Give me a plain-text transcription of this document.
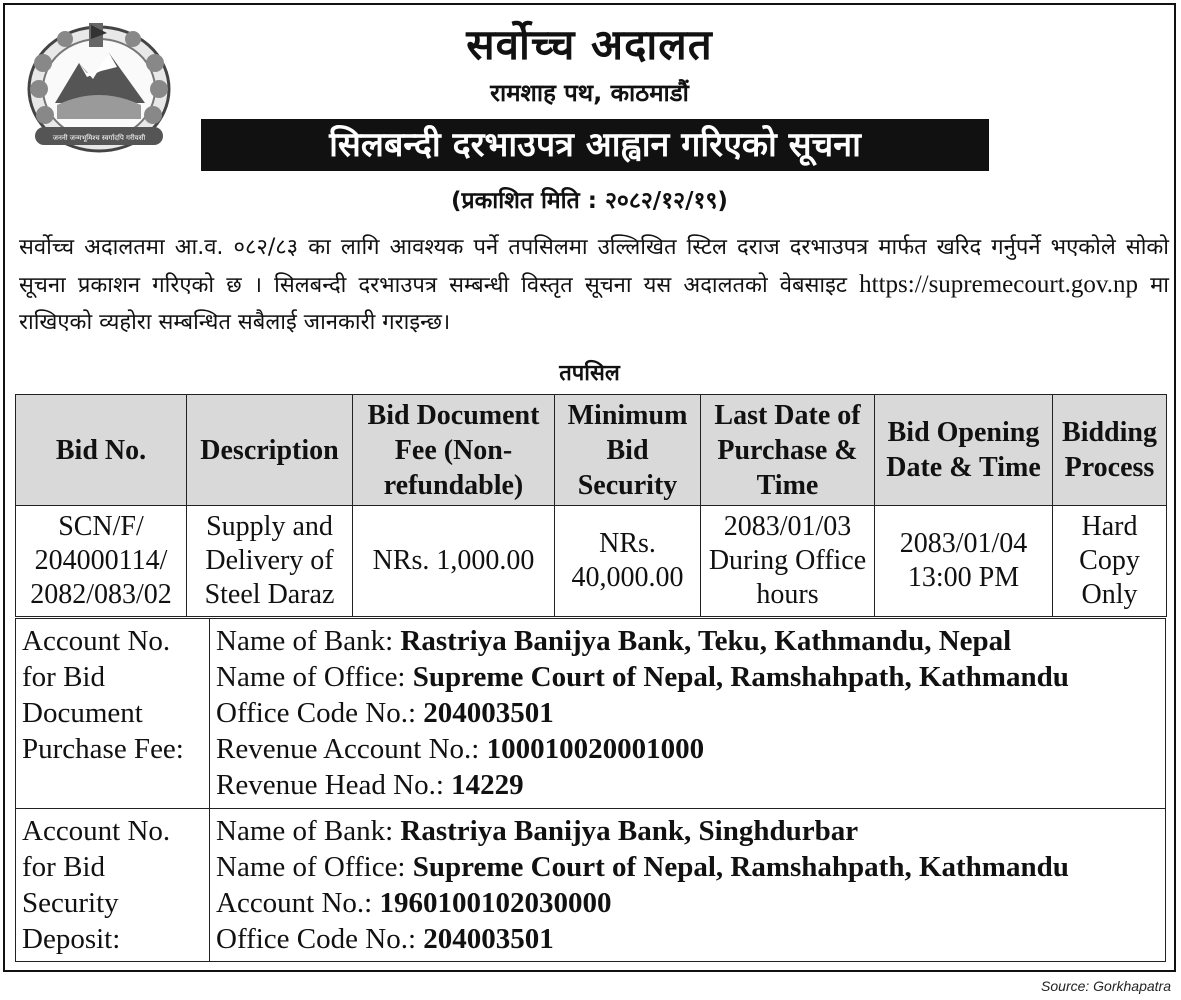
जननी जन्मभूमिश्च स्वर्गादपि गरीयसी
सर्वोच्च अदालत
रामशाह पथ, काठमाडौं
सिलबन्दी दरभाउपत्र आह्वान गरिएको सूचना
(प्रकाशित मिति : २०८२/१२/१९)
सर्वोच्च अदालतमा आ.व. ०८२/८३ का लागि आवश्यक पर्ने तपसिलमा उल्लिखित स्टिल दराज दरभाउपत्र मार्फत खरिद गर्नुपर्ने भएकोले सोको सूचना प्रकाशन गरिएको छ । सिलबन्दी दरभाउपत्र सम्बन्धी विस्तृत सूचना यस अदालतको वेबसाइट https://supremecourt.gov.np मा राखिएको व्यहोरा सम्बन्धित सबैलाई जानकारी गराइन्छ।
तपसिल
Bid No.	Description	Bid Document Fee (Non-refundable)	Minimum Bid Security	Last Date of Purchase & Time	Bid Opening Date & Time	Bidding Process
SCN/F/ 204000114/ 2082/083/02	Supply and Delivery of Steel Daraz	NRs. 1,000.00	NRs. 40,000.00	2083/01/03 During Office hours	2083/01/04 13:00 PM	Hard Copy Only
Account No. for Bid Document Purchase Fee:	Name of Bank: Rastriya Banijya Bank, Teku, Kathmandu, Nepal
Name of Office: Supreme Court of Nepal, Ramshahpath, Kathmandu
Office Code No.: 204003501
Revenue Account No.: 100010020001000
Revenue Head No.: 14229

Account No. for Bid Security Deposit:	Name of Bank: Rastriya Banijya Bank, Singhdurbar
Name of Office: Supreme Court of Nepal, Ramshahpath, Kathmandu
Account No.: 1960100102030000
Office Code No.: 204003501
Source: Gorkhapatra
